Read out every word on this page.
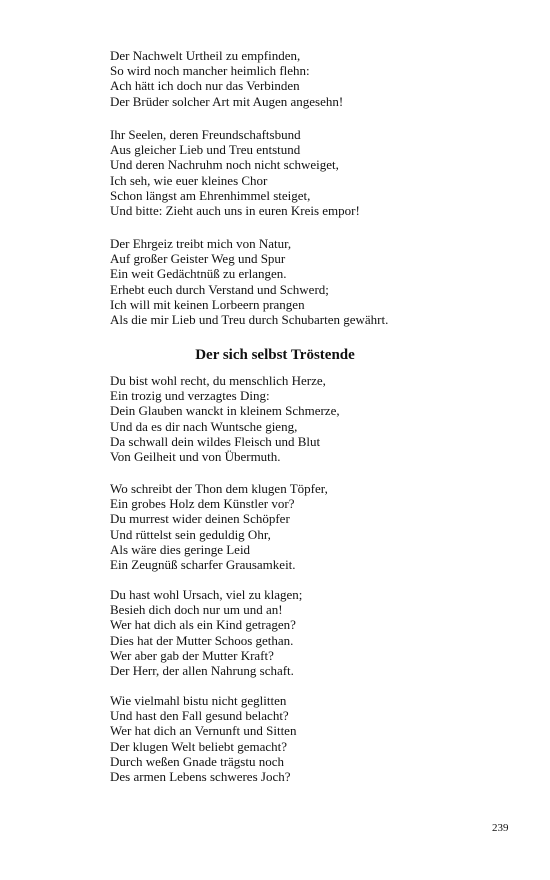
Der Nachwelt Urtheil zu empfinden,
So wird noch mancher heimlich flehn:
Ach hätt ich doch nur das Verbinden
Der Brüder solcher Art mit Augen angesehn!
Ihr Seelen, deren Freundschaftsbund
Aus gleicher Lieb und Treu entstund
Und deren Nachruhm noch nicht schweiget,
Ich seh, wie euer kleines Chor
Schon längst am Ehrenhimmel steiget,
Und bitte: Zieht auch uns in euren Kreis empor!
Der Ehrgeiz treibt mich von Natur,
Auf großer Geister Weg und Spur
Ein weit Gedächtnüß zu erlangen.
Erhebt euch durch Verstand und Schwerd;
Ich will mit keinen Lorbeern prangen
Als die mir Lieb und Treu durch Schubarten gewährt.
Der sich selbst Tröstende
Du bist wohl recht, du menschlich Herze,
Ein trozig und verzagtes Ding:
Dein Glauben wanckt in kleinem Schmerze,
Und da es dir nach Wuntsche gieng,
Da schwall dein wildes Fleisch und Blut
Von Geilheit und von Übermuth.
Wo schreibt der Thon dem klugen Töpfer,
Ein grobes Holz dem Künstler vor?
Du murrest wider deinen Schöpfer
Und rüttelst sein geduldig Ohr,
Als wäre dies geringe Leid
Ein Zeugnüß scharfer Grausamkeit.
Du hast wohl Ursach, viel zu klagen;
Besieh dich doch nur um und an!
Wer hat dich als ein Kind getragen?
Dies hat der Mutter Schoos gethan.
Wer aber gab der Mutter Kraft?
Der Herr, der allen Nahrung schaft.
Wie vielmahl bistu nicht geglitten
Und hast den Fall gesund belacht?
Wer hat dich an Vernunft und Sitten
Der klugen Welt beliebt gemacht?
Durch weßen Gnade trägstu noch
Des armen Lebens schweres Joch?
239
